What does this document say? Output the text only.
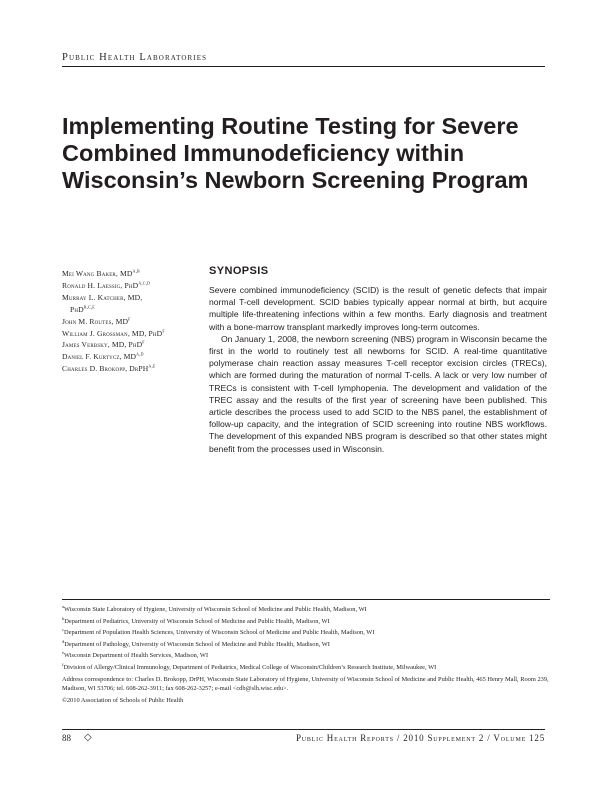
Public Health Laboratories
Implementing Routine Testing for Severe Combined Immunodeficiency within Wisconsin’s Newborn Screening Program
Mei Wang Baker, MD$^{a,b}$
Ronald H. Laessig, PhD$^{a,c,d}$
Murray L. Katcher, MD,
PhD$^{b,c,e}$
John M. Routes, $MD^f$
William J. Grossman, MD, PhD$^f$
James Verbsky, MD, PhD$^f$
Daniel F. Kurtycz, MD$^{a,d}$
Charles D. Brokopp, DrPH$^{a,e}$
SYNOPSIS

Severe combined immunodeficiency (SCID) is the result of genetic defects that impair normal T-cell development. SCID babies typically appear normal at birth, but acquire multiple life-threatening infections within a few months. Early diagnosis and treatment with a bone-marrow transplant markedly improves long-term outcomes.

On January 1, 2008, the newborn screening (NBS) program in Wisconsin became the first in the world to routinely test all newborns for SCID. A real-time quantitative polymerase chain reaction assay measures T-cell receptor excision circles (TRECs), which are formed during the maturation of normal T-cells. A lack or very low number of TRECs is consistent with T-cell lymphopenia. The development and validation of the TREC assay and the results of the first year of screening have been published. This article describes the process used to add SCID to the NBS panel, the establishment of follow-up capacity, and the integration of SCID screening into routine NBS workflows. The development of this expanded NBS program is described so that other states might benefit from the processes used in Wisconsin.

$^a$Wisconsin State Laboratory of Hygiene, University of Wisconsin School of Medicine and Public Health, Madison, WI
$^b$Department of Pediatrics, University of Wisconsin School of Medicine and Public Health, Madison, WI
$^c$Department of Population Health Sciences, University of Wisconsin School of Medicine and Public Health, Madison, WI
$^d$Department of Pathology, University of Wisconsin School of Medicine and Public Health, Madison, WI
$^e$Wisconsin Department of Health Services, Madison, WI
$^f$Division of Allergy/Clinical Immunology, Department of Pediatrics, Medical College of Wisconsin/Children’s Research Institute, Milwaukee, WI
Address correspondence to: Charles D. Brokopp, DrPH, Wisconsin State Laboratory of Hygiene, University of Wisconsin School of Medicine and Public Health, 465 Henry Mall, Room 239, Madison, WI 53706; tel. 608-262-3911; fax 608-262-3257; e-mail <cdb@slh.wisc.edu>.
©2010 Association of Schools of Public Health
88 ◇	Public Health Reports / 2010 Supplement 2 / Volume 125
